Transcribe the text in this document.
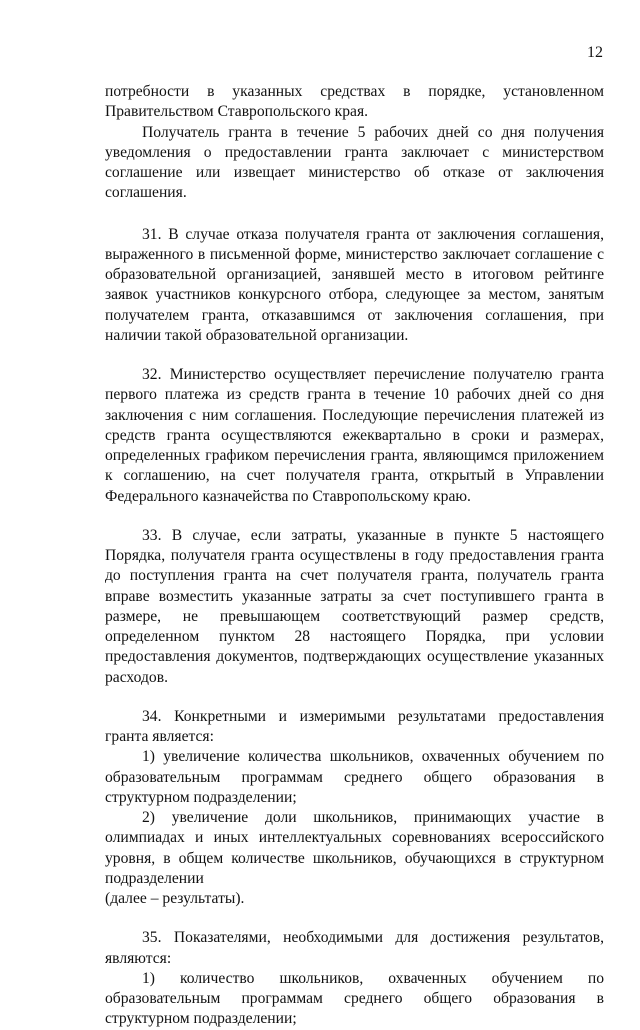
12

потребности в указанных средствах в порядке, установленном Правительством Ставропольского края.

Получатель гранта в течение 5 рабочих дней со дня получения уведомления о предоставлении гранта заключает с министерством соглашение или извещает министерство об отказе от заключения соглашения.

31. В случае отказа получателя гранта от заключения соглашения, выраженного в письменной форме, министерство заключает соглашение с образовательной организацией, занявшей место в итоговом рейтинге заявок участников конкурсного отбора, следующее за местом, занятым получателем гранта, отказавшимся от заключения соглашения, при наличии такой образовательной организации.

32. Министерство осуществляет перечисление получателю гранта первого платежа из средств гранта в течение 10 рабочих дней со дня заключения с ним соглашения. Последующие перечисления платежей из средств гранта осуществляются ежеквартально в сроки и размерах, определенных графиком перечисления гранта, являющимся приложением к соглашению, на счет получателя гранта, открытый в Управлении Федерального казначейства по Ставропольскому краю.

33. В случае, если затраты, указанные в пункте 5 настоящего Порядка, получателя гранта осуществлены в году предоставления гранта до поступления гранта на счет получателя гранта, получатель гранта вправе возместить указанные затраты за счет поступившего гранта в размере, не превышающем соответствующий размер средств, определенном пунктом 28 настоящего Порядка, при условии предоставления документов, подтверждающих осуществление указанных расходов.

34. Конкретными и измеримыми результатами предоставления гранта является:

1) увеличение количества школьников, охваченных обучением по образовательным программам среднего общего образования в структурном подразделении;

2) увеличение доли школьников, принимающих участие в олимпиадах и иных интеллектуальных соревнованиях всероссийского уровня, в общем количестве школьников, обучающихся в структурном подразделении

(далее – результаты).

35. Показателями, необходимыми для достижения результатов, являются:

1) количество школьников, охваченных обучением по образовательным программам среднего общего образования в структурном подразделении;
